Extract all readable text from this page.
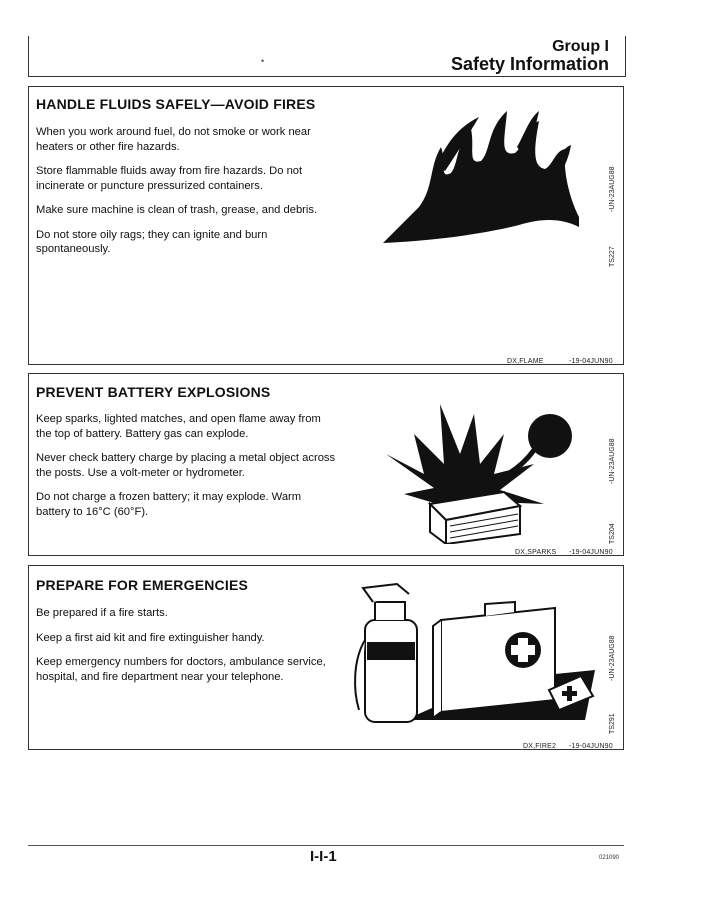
Group I
Safety Information
•
HANDLE FLUIDS SAFELY—AVOID FIRES

When you work around fuel, do not smoke or work near heaters or other fire hazards.

Store flammable fluids away from fire hazards. Do not incinerate or puncture pressurized containers.

Make sure machine is clean of trash, grease, and debris.

Do not store oily rags; they can ignite and burn spontaneously.

-UN-23AUG88
TS227
DX,FLAME	-19-04JUN90
PREVENT BATTERY EXPLOSIONS

Keep sparks, lighted matches, and open flame away from the top of battery. Battery gas can explode.

Never check battery charge by placing a metal object across the posts. Use a volt-meter or hydrometer.

Do not charge a frozen battery; it may explode. Warm battery to 16°C (60°F).

-UN-23AUG88
TS204
DX,SPARKS -19-04JUN90
PREPARE FOR EMERGENCIES

Be prepared if a fire starts.

Keep a first aid kit and fire extinguisher handy.

Keep emergency numbers for doctors, ambulance service, hospital, and fire department near your telephone.	-UN-23AUG88
TS291
DX,FIRE2 -19-04JUN90
I-I-1	021090
